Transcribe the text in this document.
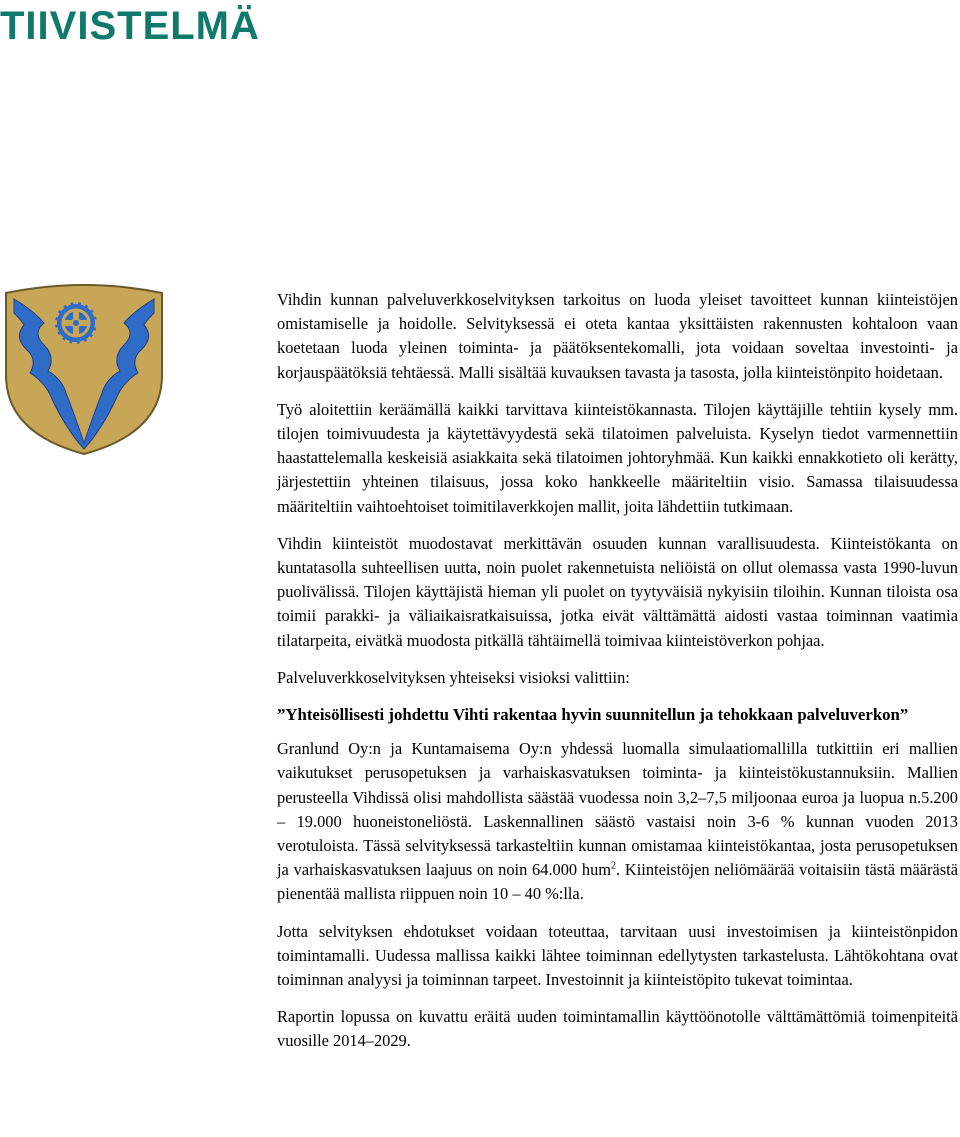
TIIVISTELMÄ

Vihdin kunnan palveluverkkoselvityksen tarkoitus on luoda yleiset tavoitteet kunnan kiinteistöjen omistamiselle ja hoidolle. Selvityksessä ei oteta kantaa yksittäisten rakennusten kohtaloon vaan koetetaan luoda yleinen toiminta- ja päätöksentekomalli, jota voidaan soveltaa investointi- ja korjauspäätöksiä tehtäessä. Malli sisältää kuvauksen tavasta ja tasosta, jolla kiinteistönpito hoidetaan.

Työ aloitettiin keräämällä kaikki tarvittava kiinteistökannasta. Tilojen käyttäjille tehtiin kysely mm. tilojen toimivuudesta ja käytettävyydestä sekä tilatoimen palveluista. Kyselyn tiedot varmennettiin haastattelemalla keskeisiä asiakkaita sekä tilatoimen johtoryhmää. Kun kaikki ennakkotieto oli kerätty, järjestettiin yhteinen tilaisuus, jossa koko hankkeelle määriteltiin visio. Samassa tilaisuudessa määriteltiin vaihtoehtoiset toimitilaverkkojen mallit, joita lähdettiin tutkimaan.

Vihdin kiinteistöt muodostavat merkittävän osuuden kunnan varallisuudesta. Kiinteistökanta on kuntatasolla suhteellisen uutta, noin puolet rakennetuista neliöistä on ollut olemassa vasta 1990-luvun puolivälissä. Tilojen käyttäjistä hieman yli puolet on tyytyväisiä nykyisiin tiloihin. Kunnan tiloista osa toimii parakki- ja väliaikaisratkaisuissa, jotka eivät välttämättä aidosti vastaa toiminnan vaatimia tilatarpeita, eivätkä muodosta pitkällä tähtäimellä toimivaa kiinteistöverkon pohjaa.

Palveluverkkoselvityksen yhteiseksi visioksi valittiin:

”Yhteisöllisesti johdettu Vihti rakentaa hyvin suunnitellun ja tehokkaan palveluverkon”

Granlund Oy:n ja Kuntamaisema Oy:n yhdessä luomalla simulaatiomallilla tutkittiin eri mallien vaikutukset perusopetuksen ja varhaiskasvatuksen toiminta- ja kiinteistökustannuksiin. Mallien perusteella Vihdissä olisi mahdollista säästää vuodessa noin 3,2–7,5 miljoonaa euroa ja luopua n.5.200 – 19.000 huoneistoneliöstä. Laskennallinen säästö vastaisi noin 3-6 % kunnan vuoden 2013 verotuloista. Tässä selvityksessä tarkasteltiin kunnan omistamaa kiinteistökantaa, josta perusopetuksen ja varhaiskasvatuksen laajuus on noin 64.000 hum$^2$. Kiinteistöjen neliömäärää voitaisiin tästä määrästä pienentää mallista riippuen noin 10 – 40 %:lla.

Jotta selvityksen ehdotukset voidaan toteuttaa, tarvitaan uusi investoimisen ja kiinteistönpidon toimintamalli. Uudessa mallissa kaikki lähtee toiminnan edellytysten tarkastelusta. Lähtökohtana ovat toiminnan analyysi ja toiminnan tarpeet. Investoinnit ja kiinteistöpito tukevat toimintaa.

Raportin lopussa on kuvattu eräitä uuden toimintamallin käyttöönotolle välttämättömiä toimenpiteitä vuosille 2014–2029.
